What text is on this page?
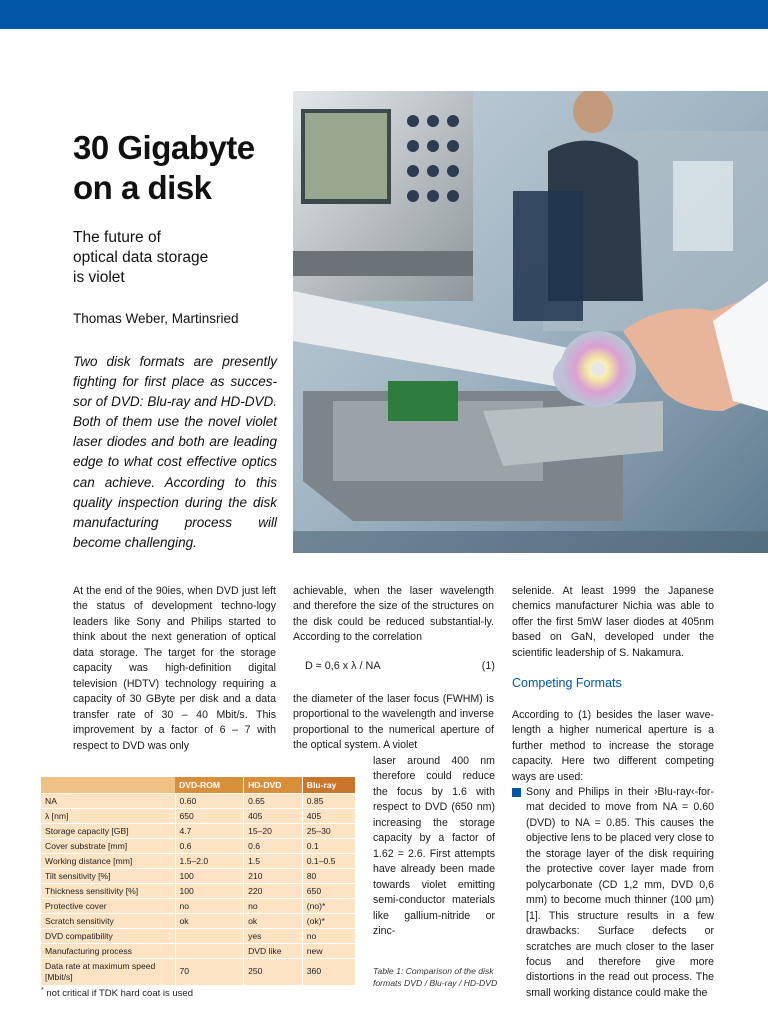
30 Gigabyte
on a disk
The future of
optical data storage
is violet
Thomas Weber, Martinsried

Two disk formats are presently fighting for first place as succes-sor of DVD: Blu-ray and HD-DVD. Both of them use the novel violet laser diodes and both are leading edge to what cost effective optics can achieve. According to this quality inspection during the disk manufacturing process will become challenging.

At the end of the 90ies, when DVD just left the status of development techno-logy leaders like Sony and Philips started to think about the next generation of optical data storage. The target for the storage capacity was high-definition digital television (HDTV) technology requiring a capacity of 30 GByte per disk and a data transfer rate of 30 – 40 Mbit/s. This improvement by a factor of 6 – 7 with respect to DVD was only

achievable, when the laser wavelength and therefore the size of the structures on the disk could be reduced substantial-ly. According to the correlation

D ≈ 0,6 x λ / NA	(1)

the diameter of the laser focus (FWHM) is proportional to the wavelength and inverse proportional to the numerical aperture of the optical system. A violet

laser around 400 nm therefore could reduce the focus by 1.6 with respect to DVD (650 nm) increasing the storage capacity by a factor of 1.62 = 2.6. First attempts have already been made towards violet emitting semi-conductor materials like gallium-nitride or zinc-

selenide. At least 1999 the Japanese chemics manufacturer Nichia was able to offer the first 5mW laser diodes at 405nm based on GaN, developed under the scientific leadership of S. Nakamura.

Competing Formats

According to (1) besides the laser wave-length a higher numerical aperture is a further method to increase the storage capacity. Here two different competing ways are used:

Sony and Philips in their ›Blu-ray‹-for-mat decided to move from NA = 0.60 (DVD) to NA = 0.85. This causes the objective lens to be placed very close to the storage layer of the disk requiring the protective cover layer made from polycarbonate (CD 1,2 mm, DVD 0,6 mm) to become much thinner (100 µm) [1]. This structure results in a few drawbacks: Surface defects or scratches are much closer to the laser focus and therefore give more distortions in the read out process. The small working distance could make the

	DVD-ROM	HD-DVD	Blu-ray
NA	0.60	0.65	0.85
λ [nm]	650	405	405
Storage capacity [GB]	4.7	15–20	25–30
Cover substrate [mm]	0.6	0.6	0.1
Working distance [mm]	1.5–2.0	1.5	0.1–0.5
Tilt sensitivity [%]	100	210	80
Thickness sensitivity [%]	100	220	650
Protective cover	no	no	(no)*
Scratch sensitivity	ok	ok	(ok)*
DVD compatibility		yes	no
Manufacturing process		DVD like	new
Data rate at maximum speed [Mbit/s]	70	250	360
* not critical if TDK hard coat is used
Table 1: Comparison of the disk formats DVD / Blu-ray / HD-DVD
